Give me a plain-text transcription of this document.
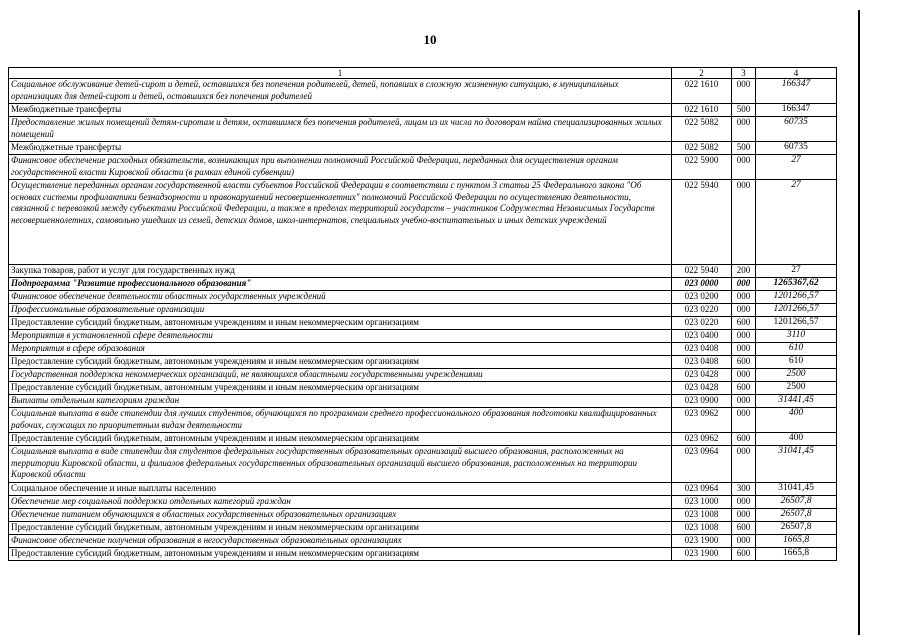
10
1	2	3	4
Социальное обслуживание детей-сирот и детей, оставшихся без попечения родителей, детей, попавших в сложную жизненную ситуацию, в муниципальных организациях для детей-сирот и детей, оставшихся без попечения родителей	022 1610	000	166347
Межбюджетные трансферты	022 1610	500	166347
Предоставление жилых помещений детям-сиротам и детям, оставшимся без попечения родителей, лицам из их числа по договорам найма специализированных жилых помещений	022 5082	000	60735
Межбюджетные трансферты	022 5082	500	60735
Финансовое обеспечение расходных обязательств, возникающих при выполнении полномочий Российской Федерации, переданных для осуществления органам государственной власти Кировской области (в рамках единой субвенции)	022 5900	000	27
Осуществление переданных органам государственной власти субъектов Российской Федерации в соответствии с пунктом 3 статьи 25 Федерального закона "Об основах системы профилактики безнадзорности и правонарушений несовершеннолетних" полномочий Российской Федерации по осуществлению деятельности, связанной с перевозкой между субъектами Российской Федерации, а также в пределах территорий государств – участников Содружества Независимых Государств несовершеннолетних, самовольно ушедших из семей, детских домов, школ-интернатов, специальных учебно-воспитательных и иных детских учреждений	022 5940	000	27
Закупка товаров, работ и услуг для государственных нужд	022 5940	200	27
Подпрограмма "Развитие профессионального образования"	023 0000	000	1265367,62
Финансовое обеспечение деятельности областных государственных учреждений	023 0200	000	1201266,57
Профессиональные образовательные организации	023 0220	000	1201266,57
Предоставление субсидий бюджетным, автономным учреждениям и иным некоммерческим организациям	023 0220	600	1201266,57
Мероприятия в установленной сфере деятельности	023 0400	000	3110
Мероприятия в сфере образования	023 0408	000	610
Предоставление субсидий бюджетным, автономным учреждениям и иным некоммерческим организациям	023 0408	600	610
Государственная поддержка некоммерческих организаций, не являющихся областными государственными учреждениями	023 0428	000	2500
Предоставление субсидий бюджетным, автономным учреждениям и иным некоммерческим организациям	023 0428	600	2500
Выплаты отдельным категориям граждан	023 0900	000	31441,45
Социальная выплата в виде стипендии для лучших студентов, обучающихся по программам среднего профессионального образования подготовки квалифицированных рабочих, служащих по приоритетным видам деятельности	023 0962	000	400
Предоставление субсидий бюджетным, автономным учреждениям и иным некоммерческим организациям	023 0962	600	400
Социальная выплата в виде стипендии для студентов федеральных государственных образовательных организаций высшего образования, расположенных на территории Кировской области, и филиалов федеральных государственных образовательных организаций высшего образования, расположенных на территории Кировской области	023 0964	000	31041,45
Социальное обеспечение и иные выплаты населению	023 0964	300	31041,45
Обеспечение мер социальной поддержки отдельных категорий граждан	023 1000	000	26507,8
Обеспечение питанием обучающихся в областных государственных образовательных организациях	023 1008	000	26507,8
Предоставление субсидий бюджетным, автономным учреждениям и иным некоммерческим организациям	023 1008	600	26507,8
Финансовое обеспечение получения образования в негосударственных образовательных организациях	023 1900	000	1665,8
Предоставление субсидий бюджетным, автономным учреждениям и иным некоммерческим организациям	023 1900	600	1665,8
